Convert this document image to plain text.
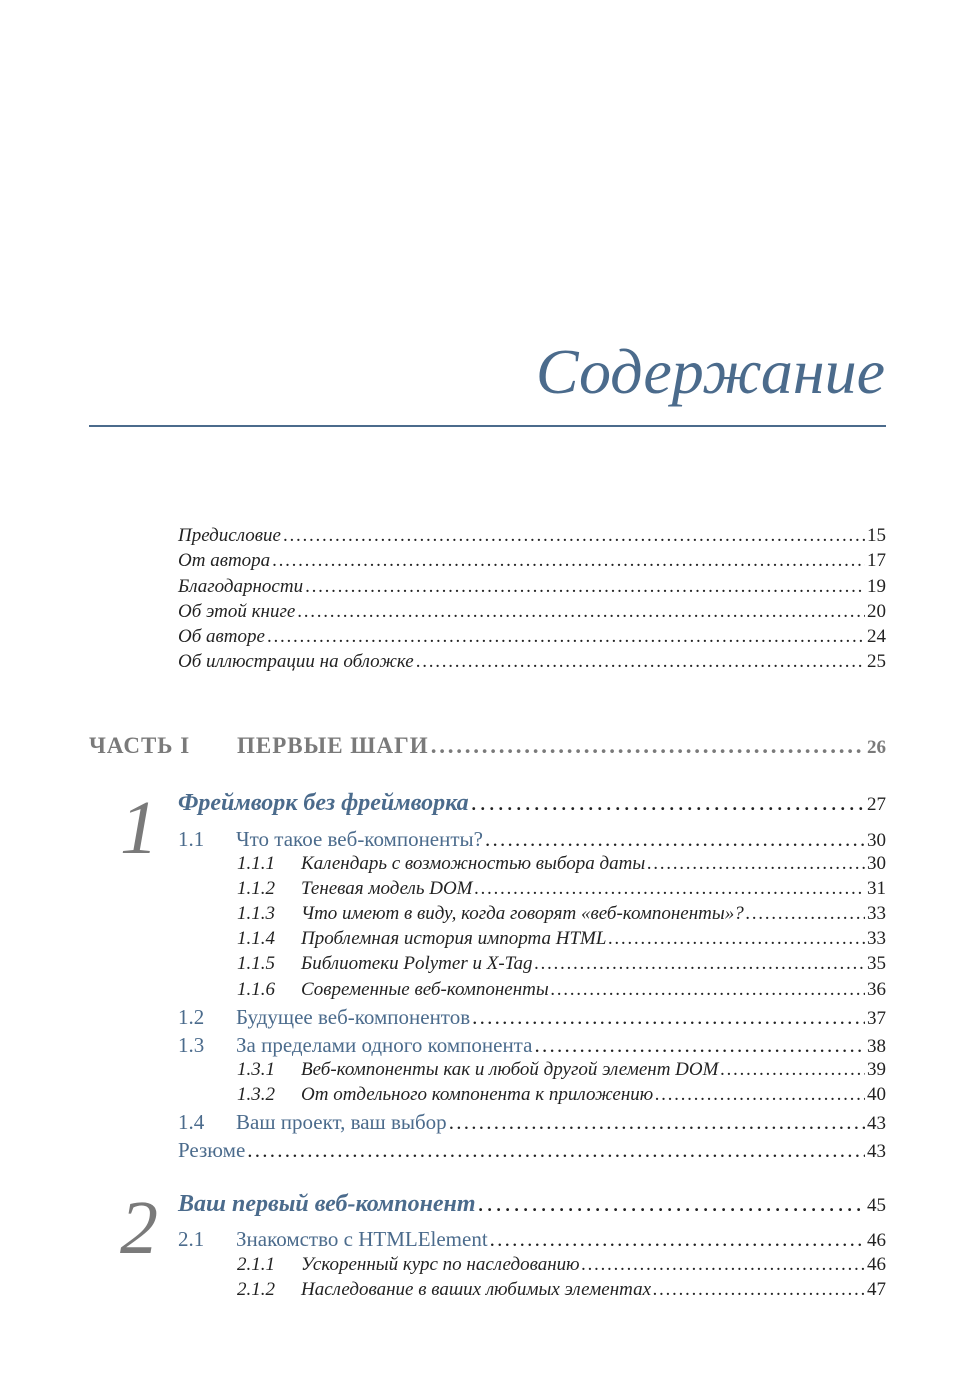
Содержание
Предисловие . . .	15
От автора . . .	17
Благодарности . . .	19
Об этой книге . . .	20
Об авторе . . .	24
Об иллюстрации на обложке . . .	25
ЧАСТЬ I	ПЕРВЫЕ ШАГИ . . .	26
1 Фреймворк без фреймворка . . .	27
1.1	Что такое веб-компоненты? . . .	30
1.1.1	Календарь с возможностью выбора даты . . .	30
1.1.2	Теневая модель DOM . . .	31
1.1.3	Что имеют в виду, когда говорят «веб-компоненты»? . . .	33
1.1.4	Проблемная история импорта HTML . . .	33
1.1.5	Библиотеки Polymer и X-Tag . . .	35
1.1.6	Современные веб-компоненты . . .	36
1.2	Будущее веб-компонентов . . .	37
1.3	За пределами одного компонента . . .	38
1.3.1	Веб-компоненты как и любой другой элемент DOM . . .	39
1.3.2	От отдельного компонента к приложению . . .	40
1.4	Ваш проект, ваш выбор . . .	43
Резюме . . .	43
2 Ваш первый веб-компонент . . .	45
2.1	Знакомство с HTMLElement . . .	46
2.1.1	Ускоренный курс по наследованию . . .	46
2.1.2	Наследование в ваших любимых элементах . . .	47
